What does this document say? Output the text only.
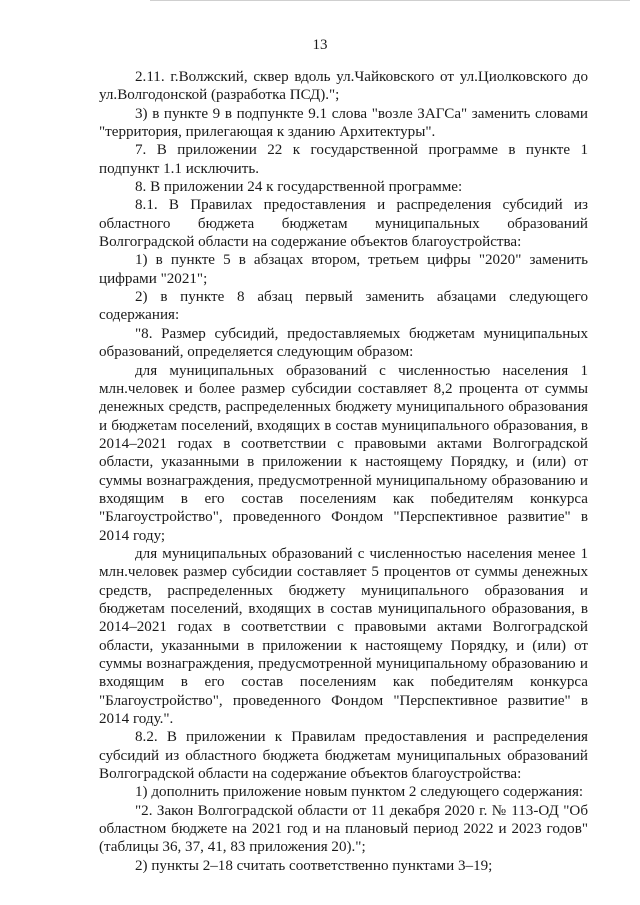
13

2.11. г.Волжский, сквер вдоль ул.Чайковского от ул.Циолковского до ул.Волгодонской (разработка ПСД).";

3) в пункте 9 в подпункте 9.1 слова "возле ЗАГСа" заменить словами "территория, прилегающая к зданию Архитектуры".

7. В приложении 22 к государственной программе в пункте 1 подпункт 1.1 исключить.

8. В приложении 24 к государственной программе:

8.1. В Правилах предоставления и распределения субсидий из областного бюджета бюджетам муниципальных образований Волгоградской области на содержание объектов благоустройства:

1) в пункте 5 в абзацах втором, третьем цифры "2020" заменить цифрами "2021";

2) в пункте 8 абзац первый заменить абзацами следующего содержания:

"8. Размер субсидий, предоставляемых бюджетам муниципальных образований, определяется следующим образом:

для муниципальных образований с численностью населения 1 млн.человек и более размер субсидии составляет 8,2 процента от суммы денежных средств, распределенных бюджету муниципального образования и бюджетам поселений, входящих в состав муниципального образования, в 2014–2021 годах в соответствии с правовыми актами Волгоградской области, указанными в приложении к настоящему Порядку, и (или) от суммы вознаграждения, предусмотренной муниципальному образованию и входящим в его состав поселениям как победителям конкурса "Благоустройство", проведенного Фондом "Перспективное развитие" в 2014 году;

для муниципальных образований с численностью населения менее 1 млн.человек размер субсидии составляет 5 процентов от суммы денежных средств, распределенных бюджету муниципального образования и бюджетам поселений, входящих в состав муниципального образования, в 2014–2021 годах в соответствии с правовыми актами Волгоградской области, указанными в приложении к настоящему Порядку, и (или) от суммы вознаграждения, предусмотренной муниципальному образованию и входящим в его состав поселениям как победителям конкурса "Благоустройство", проведенного Фондом "Перспективное развитие" в 2014 году.".

8.2. В приложении к Правилам предоставления и распределения субсидий из областного бюджета бюджетам муниципальных образований Волгоградской области на содержание объектов благоустройства:

1) дополнить приложение новым пунктом 2 следующего содержания:

"2. Закон Волгоградской области от 11 декабря 2020 г. № 113-ОД "Об областном бюджете на 2021 год и на плановый период 2022 и 2023 годов" (таблицы 36, 37, 41, 83 приложения 20).";

2) пункты 2–18 считать соответственно пунктами 3–19;
